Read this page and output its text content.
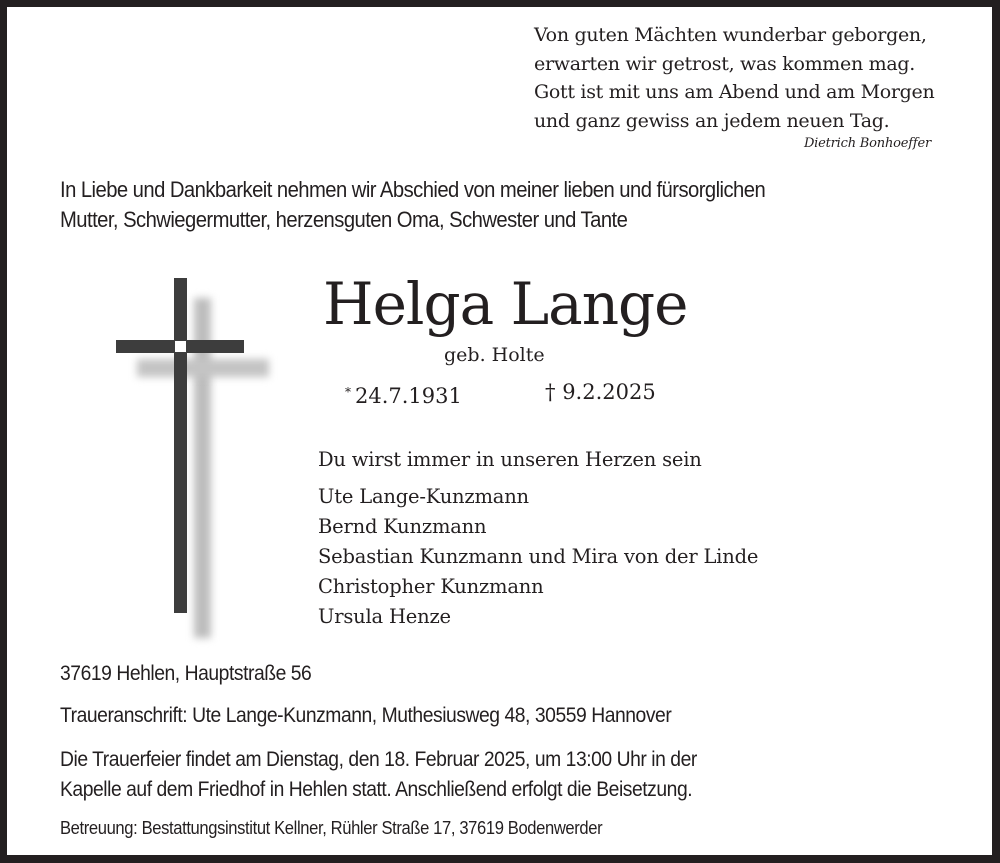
Von guten Mächten wunderbar geborgen,
erwarten wir getrost, was kommen mag.
Gott ist mit uns am Abend und am Morgen
und ganz gewiss an jedem neuen Tag.
Dietrich Bonhoeffer
In Liebe und Dankbarkeit nehmen wir Abschied von meiner lieben und fürsorglichen
Mutter, Schwiegermutter, herzensguten Oma, Schwester und Tante
Helga Lange
geb. Holte
* 24.7.1931	† 9.2.2025
Du wirst immer in unseren Herzen sein
Ute Lange-Kunzmann
Bernd Kunzmann
Sebastian Kunzmann und Mira von der Linde
Christopher Kunzmann
Ursula Henze
37619 Hehlen, Hauptstraße 56
Traueranschrift: Ute Lange-Kunzmann, Muthesiusweg 48, 30559 Hannover
Die Trauerfeier findet am Dienstag, den 18. Februar 2025, um 13:00 Uhr in der
Kapelle auf dem Friedhof in Hehlen statt. Anschließend erfolgt die Beisetzung.
Betreuung: Bestattungsinstitut Kellner, Rühler Straße 17, 37619 Bodenwerder
